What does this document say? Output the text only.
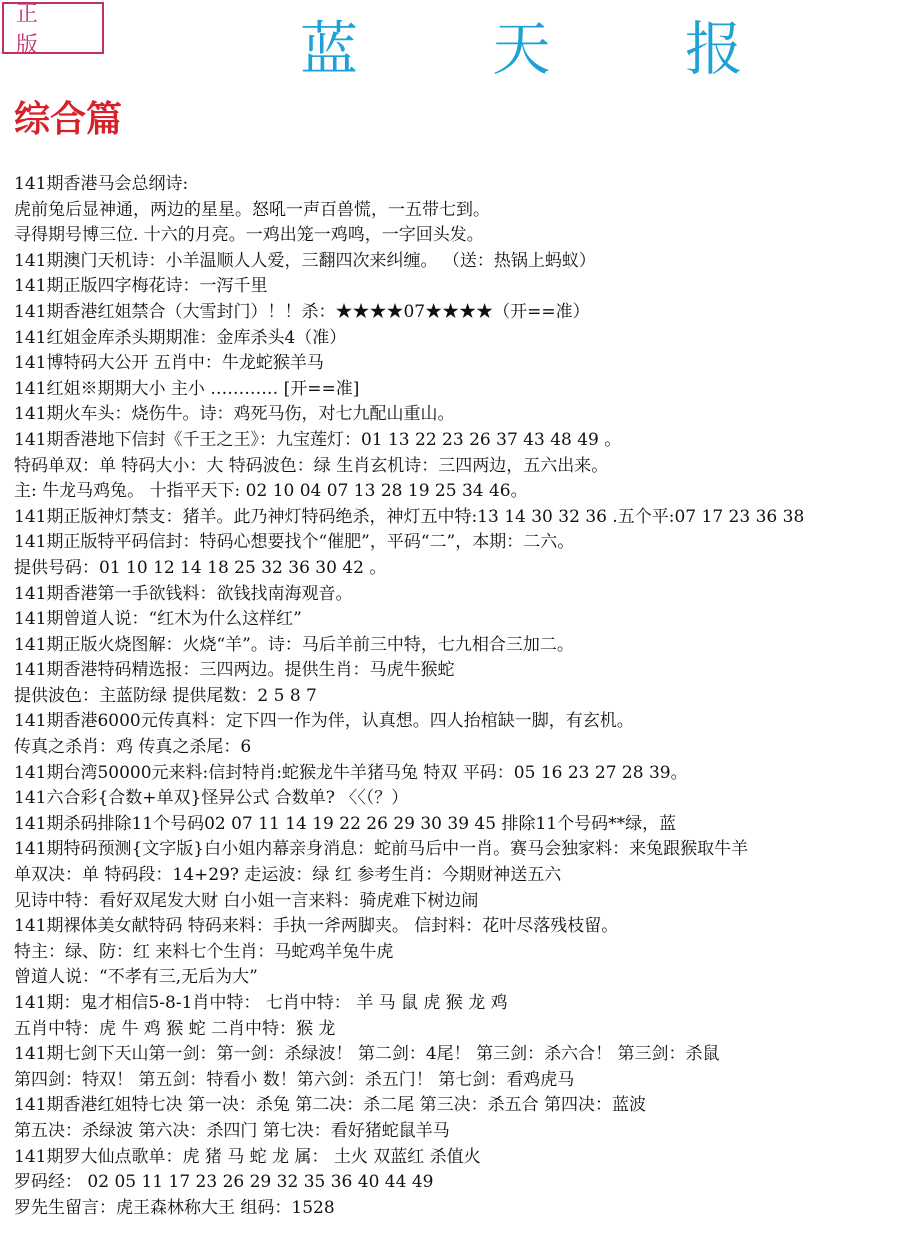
正 版	蓝 天 报
综合篇
141期香港马会总纲诗:
虎前兔后显神通，两边的星星。怒吼一声百兽慌，一五带七到。
寻得期号博三位. 十六的月亮。一鸡出笼一鸡鸣，一字回头发。
141期澳门天机诗：小羊温顺人人爱，三翻四次来纠缠。 （送：热锅上蚂蚁）
141期正版四字梅花诗：一泻千里
141期香港红姐禁合（大雪封门）！！杀：★★★★07★★★★（开==准）
141红姐金库杀头期期准：金库杀头4（准）
141博特码大公开 五肖中：牛龙蛇猴羊马
141红姐※期期大小 主小 ………… [开==准]
141期火车头：烧伤牛。诗：鸡死马伤，对七九配山重山。
141期香港地下信封《千王之王》：九宝莲灯：01 13 22 23 26 37 43 48 49 。
特码单双：单 特码大小：大 特码波色：绿 生肖玄机诗：三四两边，五六出来。
主: 牛龙马鸡兔。 十指平天下: 02 10 04 07 13 28 19 25 34 46。
141期正版神灯禁支：猪羊。此乃神灯特码绝杀，神灯五中特:13 14 30 32 36 .五个平:07 17 23 36 38
141期正版特平码信封：特码心想要找个“催肥”，平码“二”，本期：二六。
提供号码：01 10 12 14 18 25 32 36 30 42 。
141期香港第一手欲钱料：欲钱找南海观音。
141期曾道人说：“红木为什么这样红”
141期正版火烧图解：火烧“羊”。诗：马后羊前三中特，七九相合三加二。
141期香港特码精选报：三四两边。提供生肖：马虎牛猴蛇
提供波色：主蓝防绿 提供尾数：2 5 8 7
141期香港6000元传真料：定下四一作为伴，认真想。四人抬棺缺一脚，有玄机。
传真之杀肖：鸡 传真之杀尾：6
141期台湾50000元来料:信封特肖:蛇猴龙牛羊猪马兔 特双 平码：05 16 23 27 28 39。
141六合彩{合数+单双}怪异公式 合数单? 〈〈（？）
141期杀码排除11个号码02 07 11 14 19 22 26 29 30 39 45 排除11个号码**绿，蓝
141期特码预测{文字版}白小姐内幕亲身消息：蛇前马后中一肖。赛马会独家料：来兔跟猴取牛羊
单双决：单 特码段：14+29? 走运波：绿 红 参考生肖：今期财神送五六
见诗中特：看好双尾发大财 白小姐一言来料：骑虎难下树边闹
141期裸体美女献特码 特码来料：手执一斧两脚夹。 信封料：花叶尽落残枝留。
特主：绿、防：红 来料七个生肖：马蛇鸡羊兔牛虎
曾道人说：“不孝有三,无后为大”
141期：鬼才相信5-8-1肖中特： 七肖中特： 羊 马 鼠 虎 猴 龙 鸡
五肖中特：虎 牛 鸡 猴 蛇 二肖中特：猴 龙
141期七剑下天山第一剑：第一剑：杀绿波！ 第二剑：4尾！ 第三剑：杀六合！ 第三剑：杀鼠
第四剑：特双！ 第五剑：特看小 数！第六剑：杀五门！ 第七剑：看鸡虎马
141期香港红姐特七决 第一决：杀兔 第二决：杀二尾 第三决：杀五合 第四决：蓝波
第五决：杀绿波 第六决：杀四门 第七决：看好猪蛇鼠羊马
141期罗大仙点歌单：虎 猪 马 蛇 龙 属： 土火 双蓝红 杀值火
罗码经： 02 05 11 17 23 26 29 32 35 36 40 44 49
罗先生留言：虎王森林称大王 组码：1528
